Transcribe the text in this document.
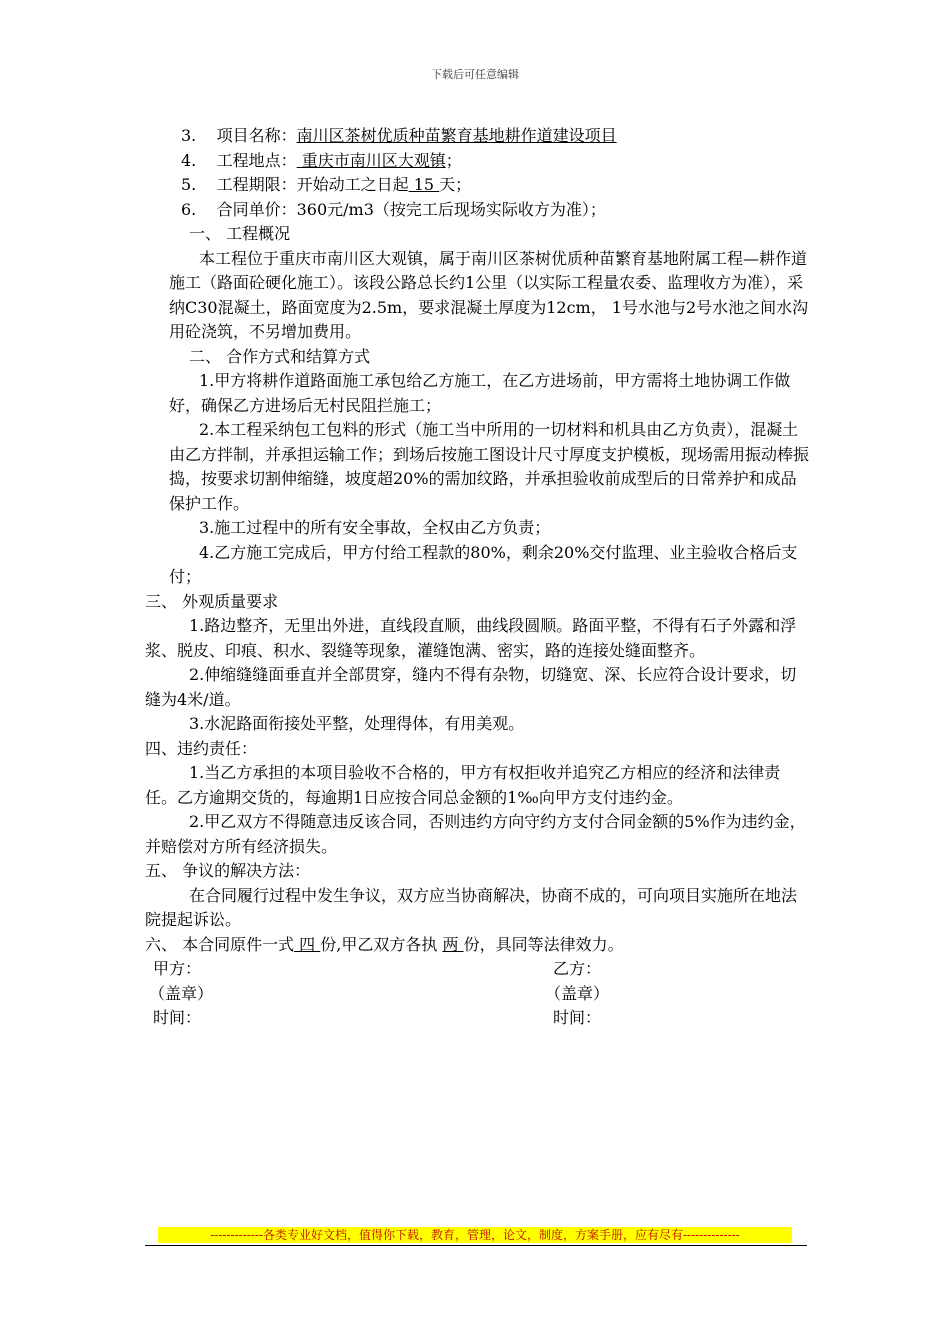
下载后可任意编辑

3. 项目名称：南川区茶树优质种苗繁育基地耕作道建设项目

4. 工程地点： 重庆市南川区大观镇；

5. 工程期限：开始动工之日起 15 天；

6. 合同单价：360元/m3（按完工后现场实际收方为准）；

一、 工程概况

本工程位于重庆市南川区大观镇，属于南川区茶树优质种苗繁育基地附属工程—耕作道施工（路面砼硬化施工）。该段公路总长约1公里（以实际工程量农委、监理收方为准），采纳C30混凝土，路面宽度为2.5m，要求混凝土厚度为12cm， 1号水池与2号水池之间水沟用砼浇筑，不另增加费用。

二、 合作方式和结算方式

1.甲方将耕作道路面施工承包给乙方施工，在乙方进场前，甲方需将土地协调工作做好，确保乙方进场后无村民阻拦施工；

2.本工程采纳包工包料的形式（施工当中所用的一切材料和机具由乙方负责），混凝土由乙方拌制，并承担运输工作；到场后按施工图设计尺寸厚度支护模板，现场需用振动棒振捣，按要求切割伸缩缝，坡度超20%的需加纹路，并承担验收前成型后的日常养护和成品保护工作。

3.施工过程中的所有安全事故，全权由乙方负责；

4.乙方施工完成后，甲方付给工程款的80%，剩余20%交付监理、业主验收合格后支付；

三、 外观质量要求

1.路边整齐，无里出外进，直线段直顺，曲线段圆顺。路面平整，不得有石子外露和浮浆、脱皮、印痕、积水、裂缝等现象，灌缝饱满、密实，路的连接处缝面整齐。

2.伸缩缝缝面垂直并全部贯穿，缝内不得有杂物，切缝宽、深、长应符合设计要求，切缝为4米/道。

3.水泥路面衔接处平整，处理得体，有用美观。

四、违约责任：

1.当乙方承担的本项目验收不合格的，甲方有权拒收并追究乙方相应的经济和法律责任。乙方逾期交货的，每逾期1日应按合同总金额的1‰向甲方支付违约金。

2.甲乙双方不得随意违反该合同，否则违约方向守约方支付合同金额的5%作为违约金，并赔偿对方所有经济损失。

五、 争议的解决方法：

在合同履行过程中发生争议，双方应当协商解决，协商不成的，可向项目实施所在地法院提起诉讼。

六、 本合同原件一式 四 份,甲乙双方各执 两 份，具同等法律效力。

甲方：	乙方：
（盖章）	（盖章）
时间：	时间：
-------------各类专业好文档，值得你下载，教育，管理，论文，制度，方案手册，应有尽有--------------
